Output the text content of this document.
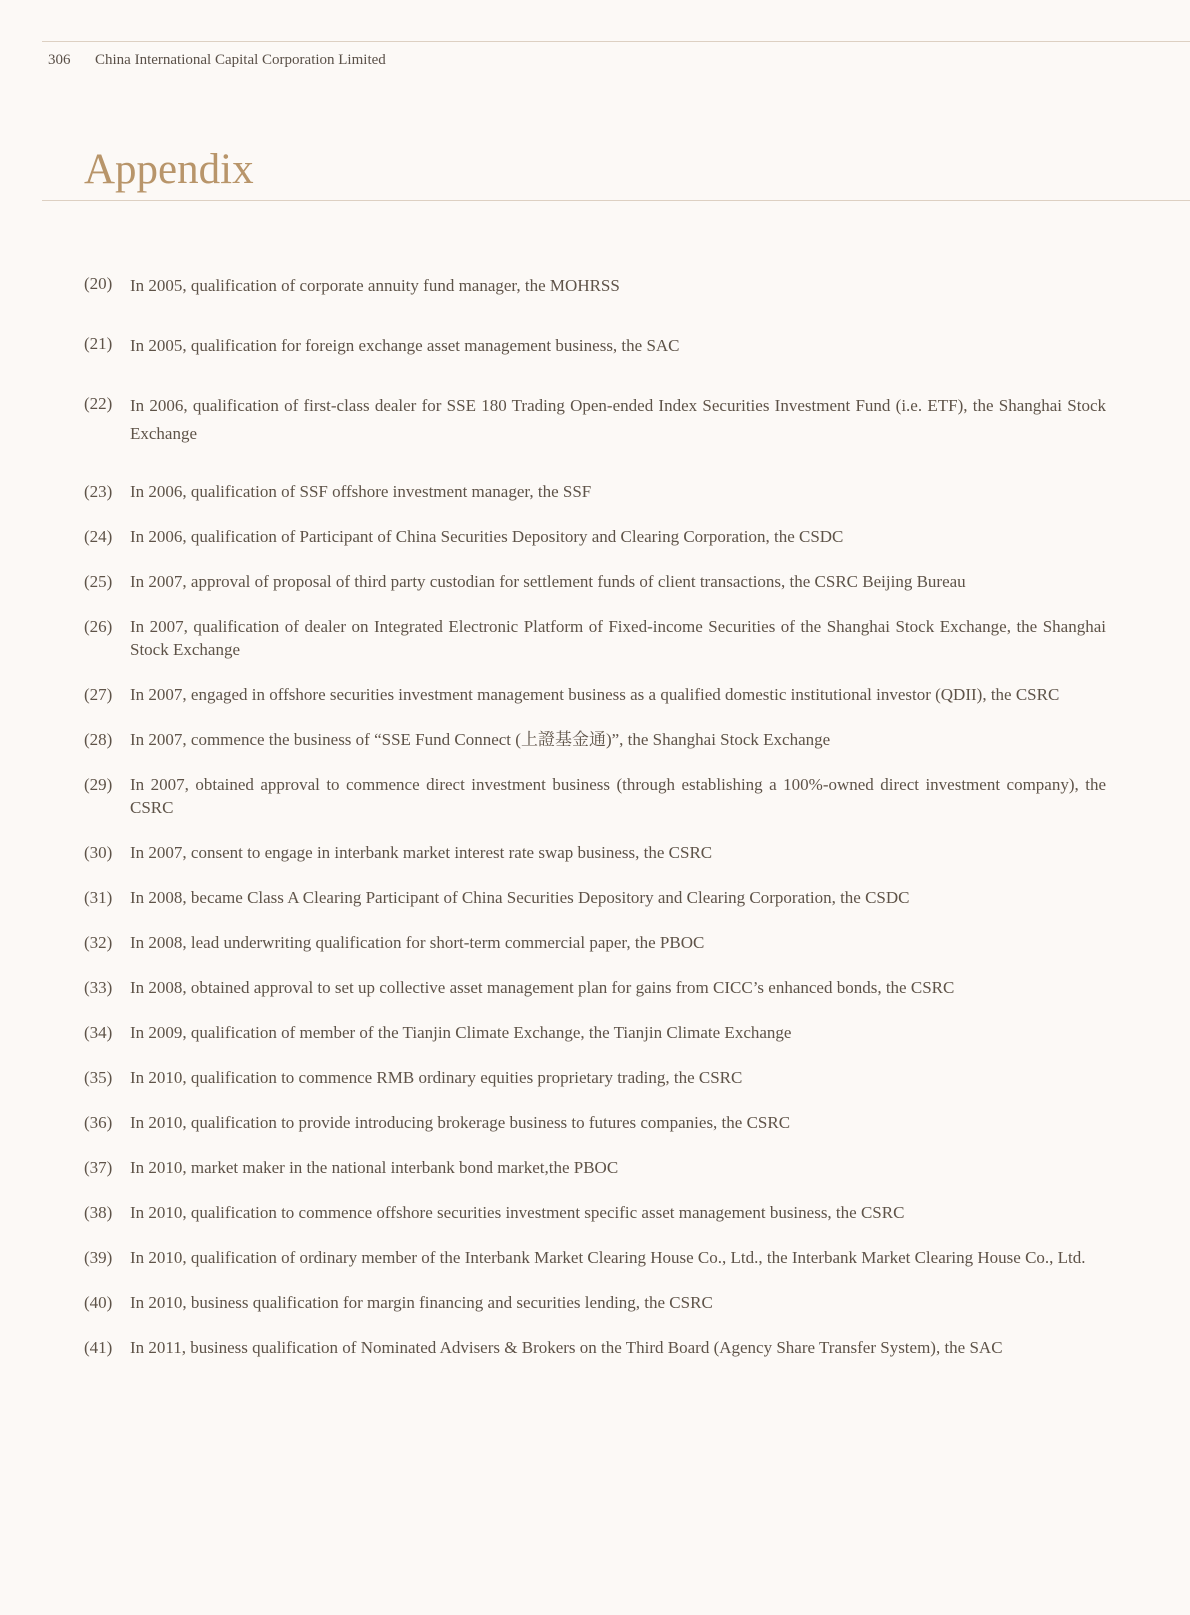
306 China International Capital Corporation Limited
Appendix
(20)	In 2005, qualification of corporate annuity fund manager, the MOHRSS
(21)	In 2005, qualification for foreign exchange asset management business, the SAC
(22)	In 2006, qualification of first-class dealer for SSE 180 Trading Open-ended Index Securities Investment Fund (i.e. ETF), the Shanghai Stock Exchange
(23)	In 2006, qualification of SSF offshore investment manager, the SSF
(24)	In 2006, qualification of Participant of China Securities Depository and Clearing Corporation, the CSDC
(25)	In 2007, approval of proposal of third party custodian for settlement funds of client transactions, the CSRC Beijing Bureau
(26)	In 2007, qualification of dealer on Integrated Electronic Platform of Fixed-income Securities of the Shanghai Stock Exchange, the Shanghai Stock Exchange
(27)	In 2007, engaged in offshore securities investment management business as a qualified domestic institutional investor (QDII), the CSRC
(28)	In 2007, commence the business of “SSE Fund Connect (上證基金通)”, the Shanghai Stock Exchange
(29)	In 2007, obtained approval to commence direct investment business (through establishing a 100%-owned direct investment company), the CSRC
(30)	In 2007, consent to engage in interbank market interest rate swap business, the CSRC
(31)	In 2008, became Class A Clearing Participant of China Securities Depository and Clearing Corporation, the CSDC
(32)	In 2008, lead underwriting qualification for short-term commercial paper, the PBOC
(33)	In 2008, obtained approval to set up collective asset management plan for gains from CICC’s enhanced bonds, the CSRC
(34)	In 2009, qualification of member of the Tianjin Climate Exchange, the Tianjin Climate Exchange
(35)	In 2010, qualification to commence RMB ordinary equities proprietary trading, the CSRC
(36)	In 2010, qualification to provide introducing brokerage business to futures companies, the CSRC
(37)	In 2010, market maker in the national interbank bond market,the PBOC
(38)	In 2010, qualification to commence offshore securities investment specific asset management business, the CSRC
(39)	In 2010, qualification of ordinary member of the Interbank Market Clearing House Co., Ltd., the Interbank Market Clearing House Co., Ltd.
(40)	In 2010, business qualification for margin financing and securities lending, the CSRC
(41)	In 2011, business qualification of Nominated Advisers & Brokers on the Third Board (Agency Share Transfer System), the SAC
